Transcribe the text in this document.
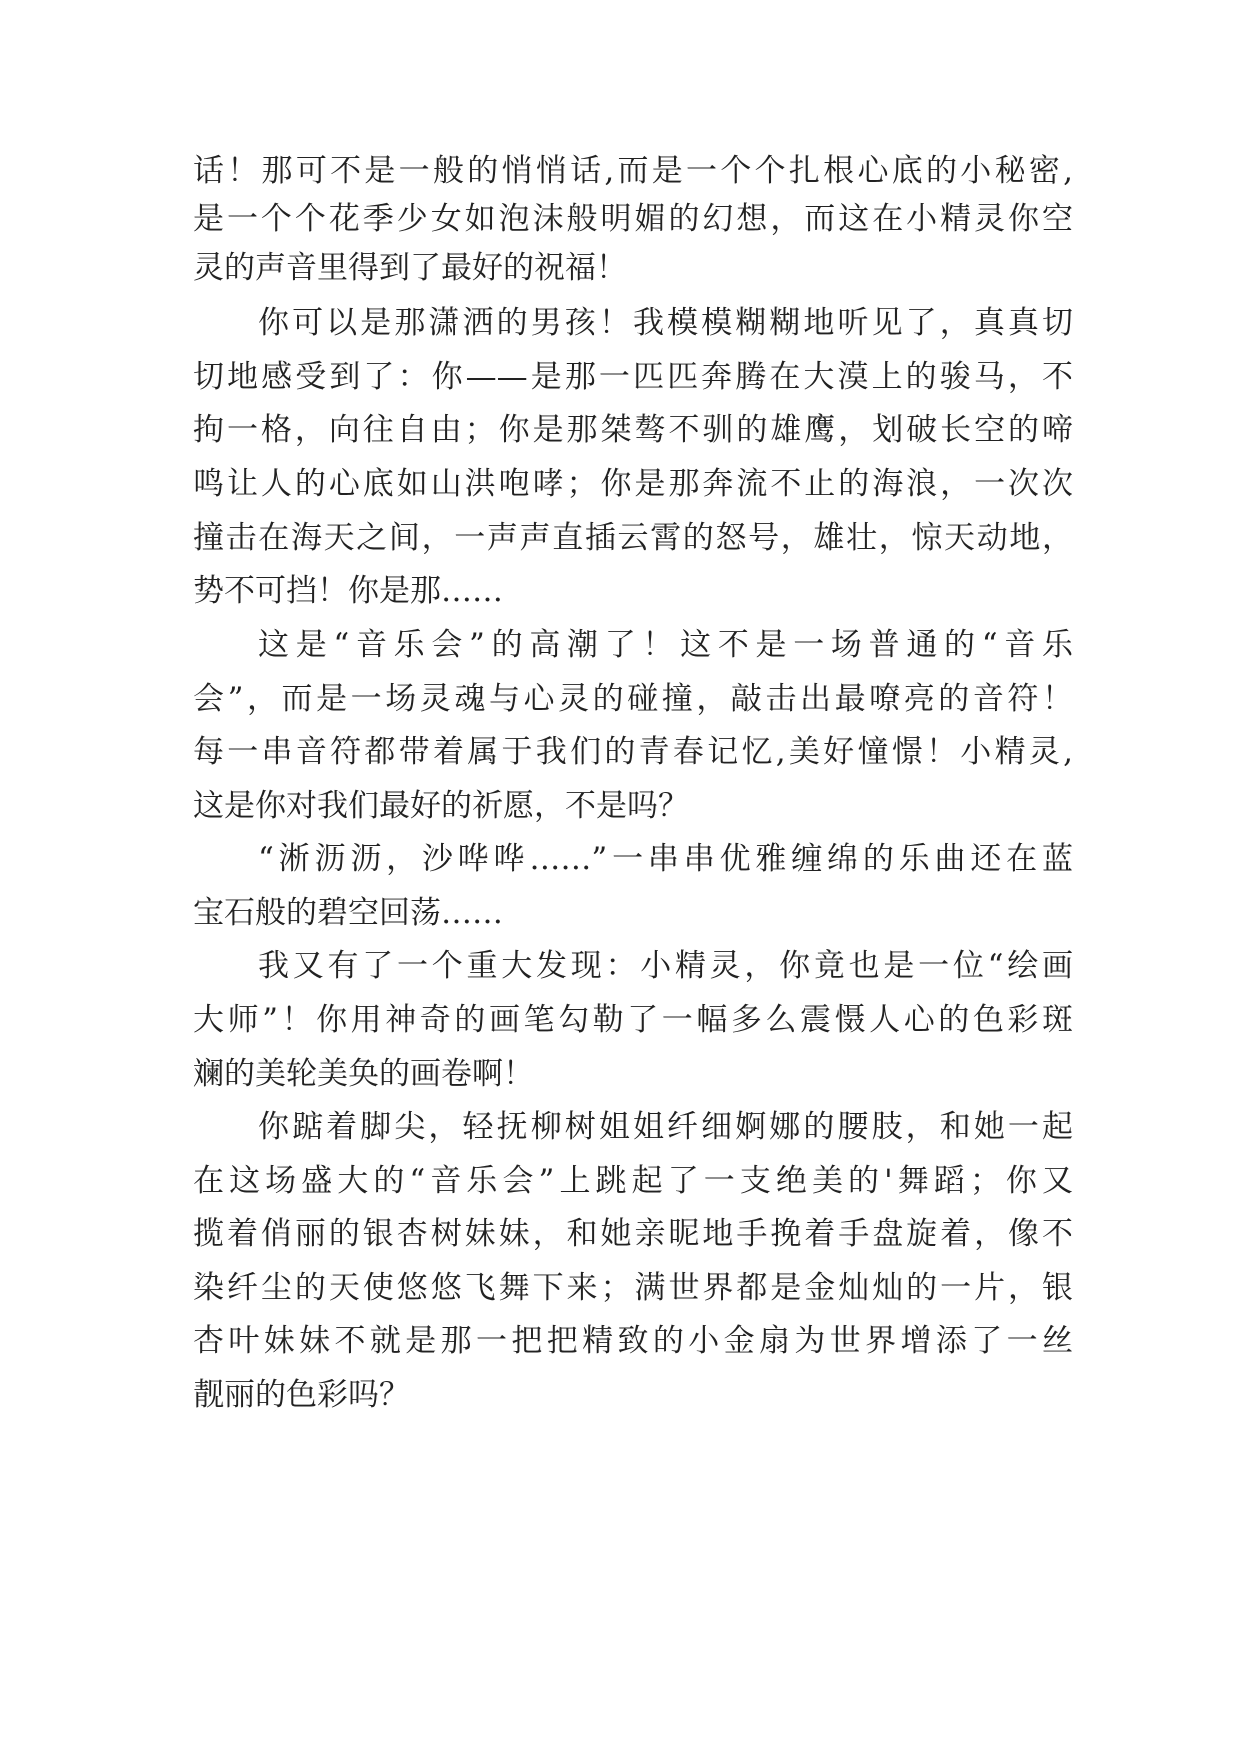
话！那可不是一般的悄悄话,而是一个个扎根心底的小秘密,
是一个个花季少女如泡沫般明媚的幻想，而这在小精灵你空
灵的声音里得到了最好的祝福！
你可以是那潇洒的男孩！我模模糊糊地听见了，真真切
切地感受到了：你——是那一匹匹奔腾在大漠上的骏马，不
拘一格，向往自由；你是那桀骜不驯的雄鹰，划破长空的啼
鸣让人的心底如山洪咆哮；你是那奔流不止的海浪，一次次
撞击在海天之间，一声声直插云霄的怒号，雄壮，惊天动地，
势不可挡！你是那……
这是“音乐会”的高潮了！这不是一场普通的“音乐
会”，而是一场灵魂与心灵的碰撞，敲击出最嘹亮的音符！
每一串音符都带着属于我们的青春记忆,美好憧憬！小精灵,
这是你对我们最好的祈愿，不是吗？
“淅沥沥，沙哗哗……”一串串优雅缠绵的乐曲还在蓝
宝石般的碧空回荡……
我又有了一个重大发现：小精灵，你竟也是一位“绘画
大师”！你用神奇的画笔勾勒了一幅多么震慑人心的色彩斑
斓的美轮美奂的画卷啊！
你踮着脚尖，轻抚柳树姐姐纤细婀娜的腰肢，和她一起
在这场盛大的“音乐会”上跳起了一支绝美的'舞蹈；你又
揽着俏丽的银杏树妹妹，和她亲昵地手挽着手盘旋着，像不
染纤尘的天使悠悠飞舞下来；满世界都是金灿灿的一片，银
杏叶妹妹不就是那一把把精致的小金扇为世界增添了一丝
靓丽的色彩吗？
